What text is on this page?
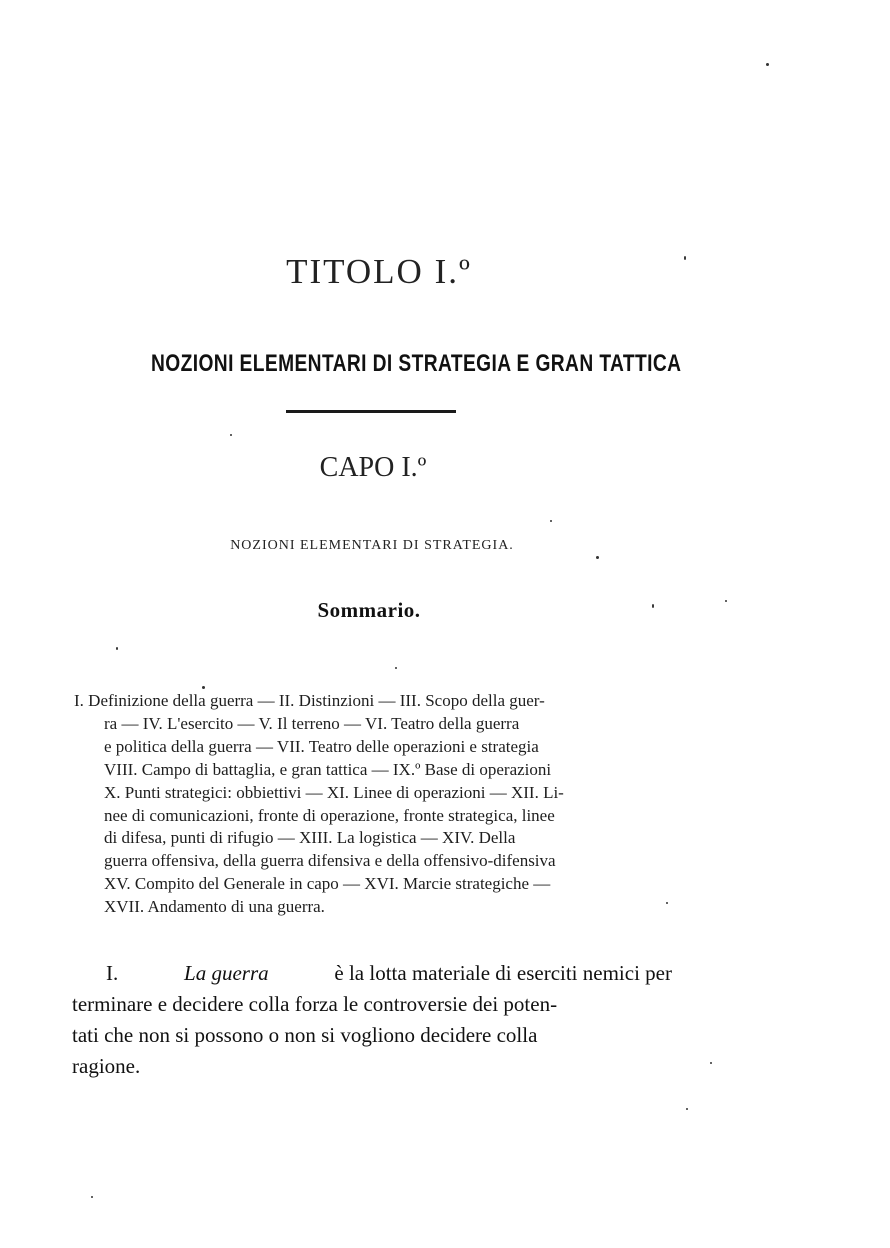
TITOLO I.º
NOZIONI ELEMENTARI DI STRATEGIA E GRAN TATTICA
CAPO I.º
NOZIONI ELEMENTARI DI STRATEGIA.
Sommario.
I. Definizione della guerra — II. Distinzioni — III. Scopo della guer-
ra — IV. L'esercito — V. Il terreno — VI. Teatro della guerra
e politica della guerra — VII. Teatro delle operazioni e strategia
VIII. Campo di battaglia, e gran tattica — IX.º Base di operazioni
X. Punti strategici: obbiettivi — XI. Linee di operazioni — XII. Li-
nee di comunicazioni, fronte di operazione, fronte strategica, linee
di difesa, punti di rifugio — XIII. La logistica — XIV. Della
guerra offensiva, della guerra difensiva e della offensivo-difensiva
XV. Compito del Generale in capo — XVI. Marcie strategiche —
XVII. Andamento di una guerra.
I.	La guerra	è la lotta materiale di eserciti nemici per
terminare e decidere colla forza le controversie dei poten-
tati che non si possono o non si vogliono decidere colla
ragione.
